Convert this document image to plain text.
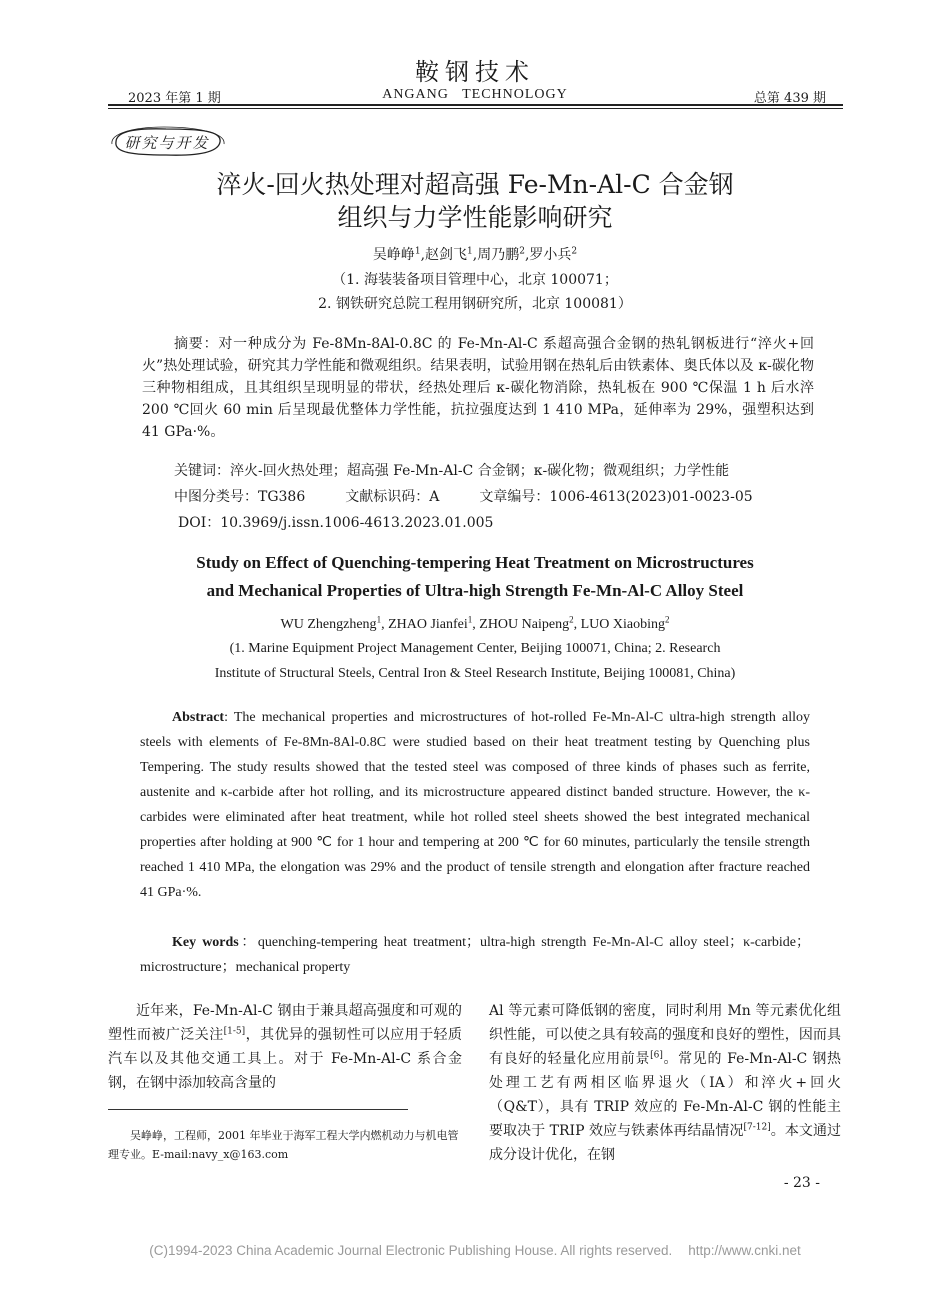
鞍钢技术
2023 年第 1 期	ANGANG   TECHNOLOGY	总第 439 期
研究与开发
淬火-回火热处理对超高强 Fe-Mn-Al-C 合金钢
组织与力学性能影响研究
吴峥峥$^1$,赵剑飞$^1$,周乃鹏$^2$,罗小兵$^2$
（1. 海装装备项目管理中心，北京 100071；
2. 钢铁研究总院工程用钢研究所，北京 100081）
摘要：对一种成分为 Fe-8Mn-8Al-0.8C 的 Fe-Mn-Al-C 系超高强合金钢的热轧钢板进行“淬火+回火”热处理试验，研究其力学性能和微观组织。结果表明，试验用钢在热轧后由铁素体、奥氏体以及 κ-碳化物三种物相组成，且其组织呈现明显的带状，经热处理后 κ-碳化物消除，热轧板在 900 ℃保温 1 h 后水淬 200 ℃回火 60 min 后呈现最优整体力学性能，抗拉强度达到 1 410 MPa，延伸率为 29%，强塑积达到 41 GPa·%。
关键词：淬火-回火热处理；超高强 Fe-Mn-Al-C 合金钢；κ-碳化物；微观组织；力学性能
中图分类号：TG386	文献标识码：A	文章编号：1006-4613(2023)01-0023-05
DOI：10.3969/j.issn.1006-4613.2023.01.005
Study on Effect of Quenching-tempering Heat Treatment on Microstructures
and Mechanical Properties of Ultra-high Strength Fe-Mn-Al-C Alloy Steel
WU Zhengzheng$^1$, ZHAO Jianfei$^1$, ZHOU Naipeng$^2$, LUO Xiaobing$^2$
(1. Marine Equipment Project Management Center, Beijing 100071, China; 2. Research
Institute of Structural Steels, Central Iron & Steel Research Institute, Beijing 100081, China)
Abstract: The mechanical properties and microstructures of hot-rolled Fe-Mn-Al-C ultra-high strength alloy steels with elements of Fe-8Mn-8Al-0.8C were studied based on their heat treatment testing by Quenching plus Tempering. The study results showed that the tested steel was composed of three kinds of phases such as ferrite, austenite and κ-carbide after hot rolling, and its microstructure appeared distinct banded structure. However, the κ-carbides were eliminated after heat treatment, while hot rolled steel sheets showed the best integrated mechanical properties after holding at 900 ℃ for 1 hour and tempering at 200 ℃ for 60 minutes, particularly the tensile strength reached 1 410 MPa, the elongation was 29% and the product of tensile strength and elongation after fracture reached 41 GPa·%.
Key words：quenching-tempering heat treatment；ultra-high strength Fe-Mn-Al-C alloy steel；κ-carbide；microstructure；mechanical property
近年来，Fe-Mn-Al-C 钢由于兼具超高强度和可观的塑性而被广泛关注[1-5]，其优异的强韧性可以应用于轻质汽车以及其他交通工具上。对于 Fe-Mn-Al-C 系合金钢，在钢中添加较高含量的
Al 等元素可降低钢的密度，同时利用 Mn 等元素优化组织性能，可以使之具有较高的强度和良好的塑性，因而具有良好的轻量化应用前景[6]。常见的 Fe-Mn-Al-C 钢热处理工艺有两相区临界退火（IA）和淬火+回火（Q&T），具有 TRIP 效应的 Fe-Mn-Al-C 钢的性能主要取决于 TRIP 效应与铁素体再结晶情况[7-12]。本文通过成分设计优化，在钢
吴峥峥，工程师，2001 年毕业于海军工程大学内燃机动力与机电管理专业。E-mail:navy_x@163.com
- 23 -
(C)1994-2023 China Academic Journal Electronic Publishing House. All rights reserved. http://www.cnki.net
